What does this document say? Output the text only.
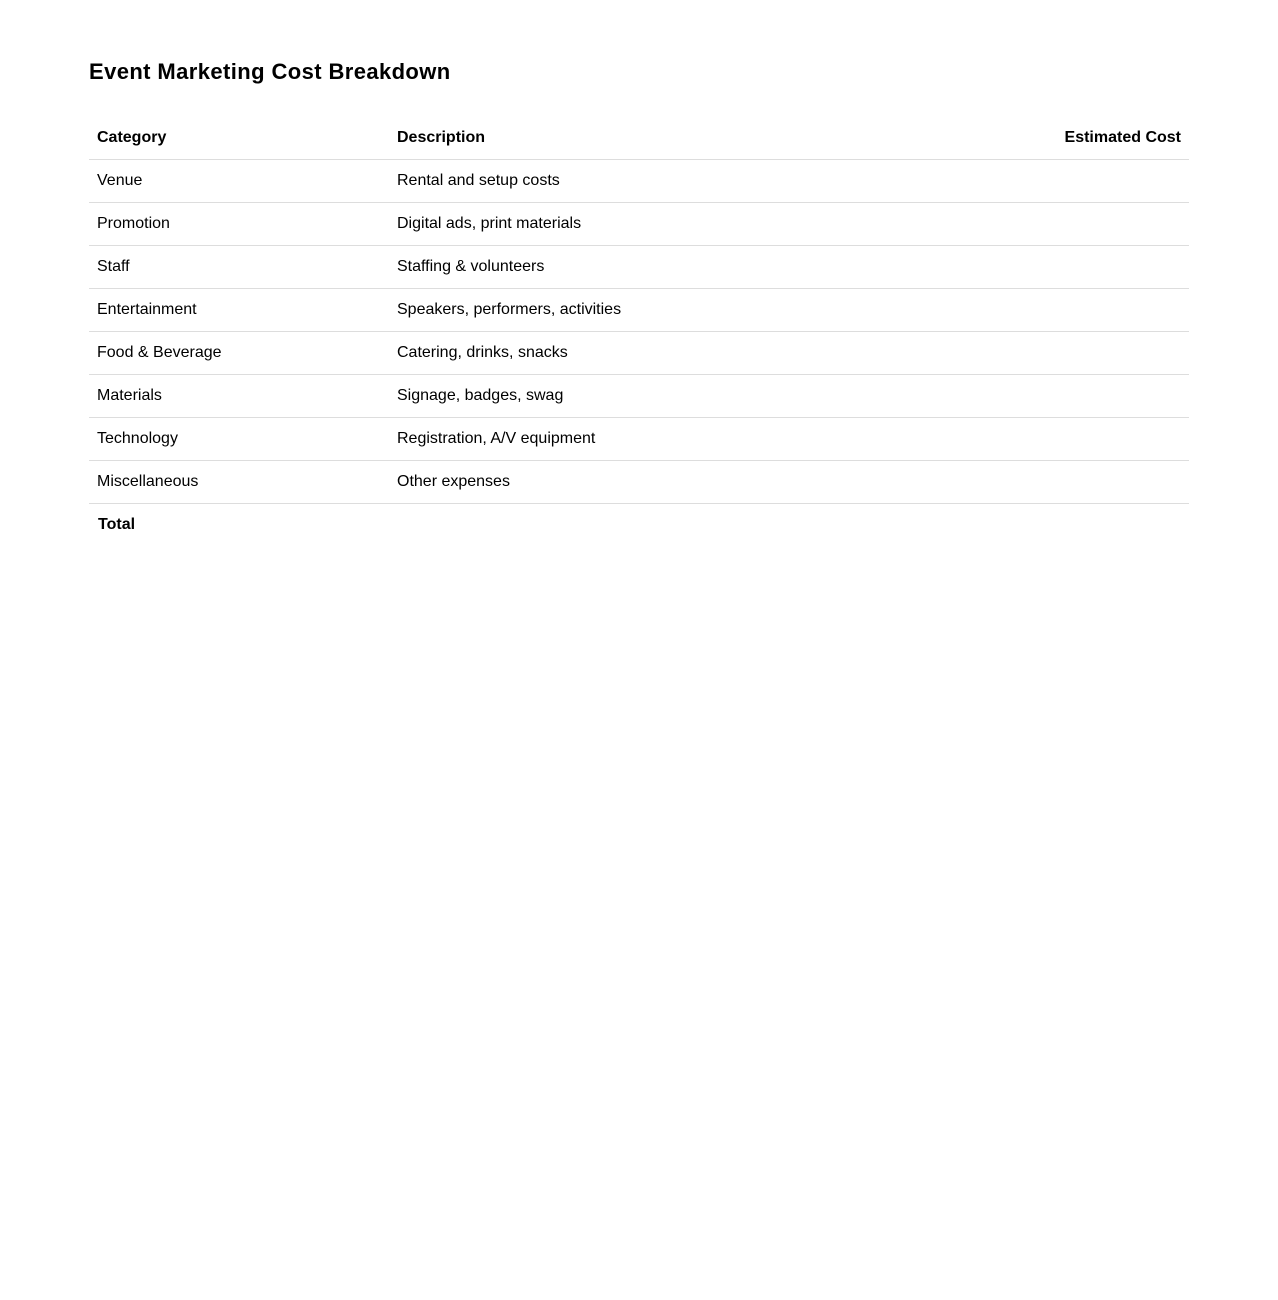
Event Marketing Cost Breakdown
Category	Description	Estimated Cost
Venue	Rental and setup costs	
Promotion	Digital ads, print materials	
Staff	Staffing & volunteers	
Entertainment	Speakers, performers, activities	
Food & Beverage	Catering, drinks, snacks	
Materials	Signage, badges, swag	
Technology	Registration, A/V equipment	
Miscellaneous	Other expenses	
Total		
